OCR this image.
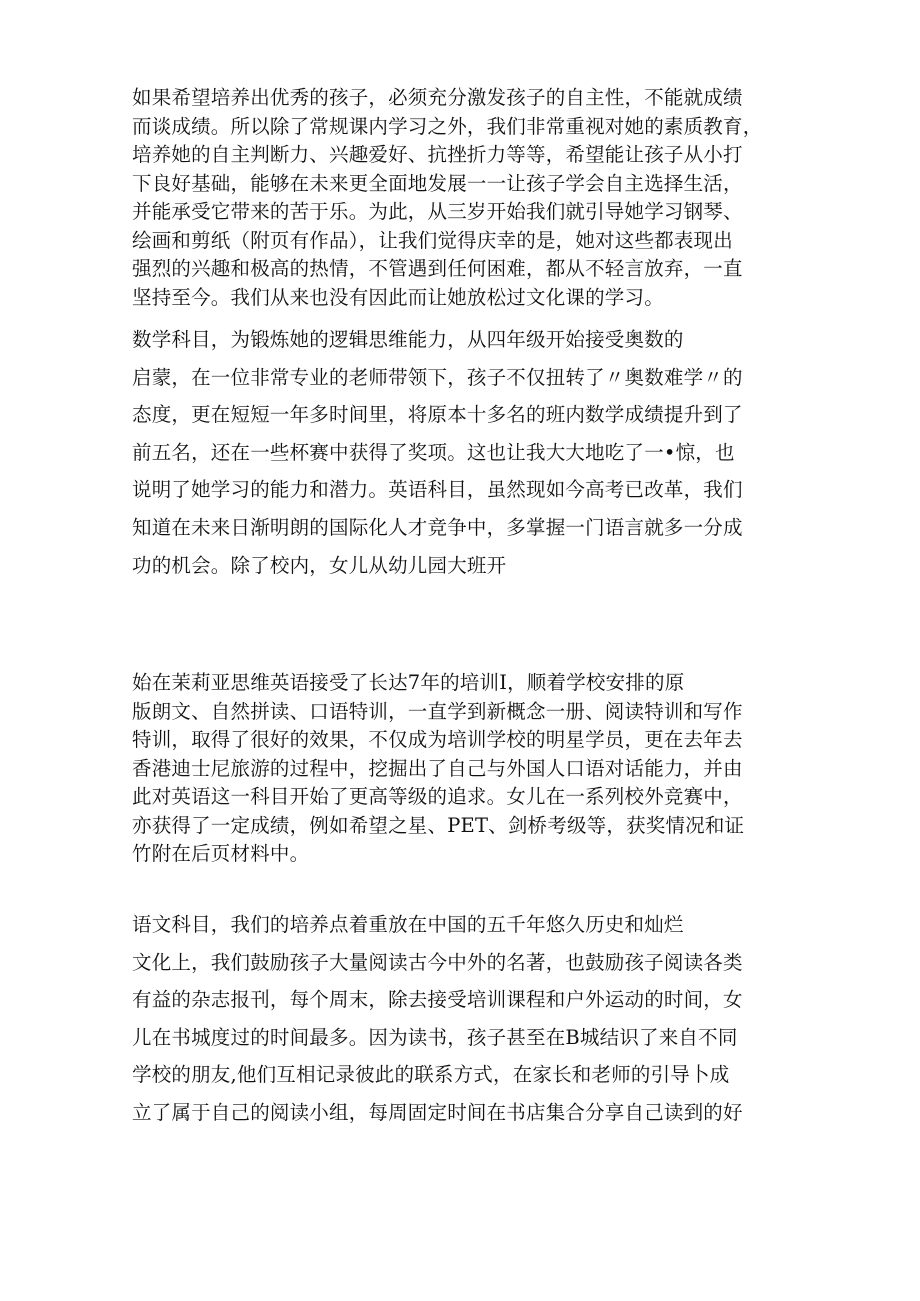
如果希望培养出优秀的孩子，必须充分激发孩子的自主性，不能就成绩
而谈成绩。所以除了常规课内学习之外，我们非常重视对她的素质教育，
培养她的自主判断力、兴趣爱好、抗挫折力等等，希望能让孩子从小打
下良好基础，能够在未来更全面地发展一一让孩子学会自主选择生活，
并能承受它带来的苦于乐。为此，从三岁开始我们就引导她学习钢琴、
绘画和剪纸（附页有作品），让我们觉得庆幸的是，她对这些都表现出
强烈的兴趣和极高的热情，不管遇到任何困难，都从不轻言放弃，一直
坚持至今。我们从来也没有因此而让她放松过文化课的学习。
数学科目，为锻炼她的逻辑思维能力，从四年级开始接受奥数的
启蒙，在一位非常专业的老师带领下，孩子不仅扭转了〃奥数难学〃的
态度，更在短短一年多时间里，将原本十多名的班内数学成绩提升到了
前五名，还在一些杯赛中获得了奖项。这也让我大大地吃了一•惊，也
说明了她学习的能力和潜力。英语科目，虽然现如今高考已改革，我们
知道在未来日渐明朗的国际化人才竞争中，多掌握一门语言就多一分成
功的机会。除了校内，女儿从幼儿园大班开
始在茉莉亚思维英语接受了长达7年的培训I，顺着学校安排的原
版朗文、自然拼读、口语特训，一直学到新概念一册、阅读特训和写作
特训，取得了很好的效果，不仅成为培训学校的明星学员，更在去年去
香港迪士尼旅游的过程中，挖掘出了自己与外国人口语对话能力，并由
此对英语这一科目开始了更高等级的追求。女儿在一系列校外竞赛中，
亦获得了一定成绩，例如希望之星、PET、剑桥考级等，获奖情况和证
竹附在后页材料中。
语文科目，我们的培养点着重放在中国的五千年悠久历史和灿烂
文化上，我们鼓励孩子大量阅读古今中外的名著，也鼓励孩子阅读各类
有益的杂志报刊，每个周末，除去接受培训课程和户外运动的时间，女
儿在书城度过的时间最多。因为读书，孩子甚至在B城结识了来自不同
学校的朋友,他们互相记录彼此的联系方式，在家长和老师的引导卜成
立了属于自己的阅读小组，每周固定时间在书店集合分享自己读到的好
